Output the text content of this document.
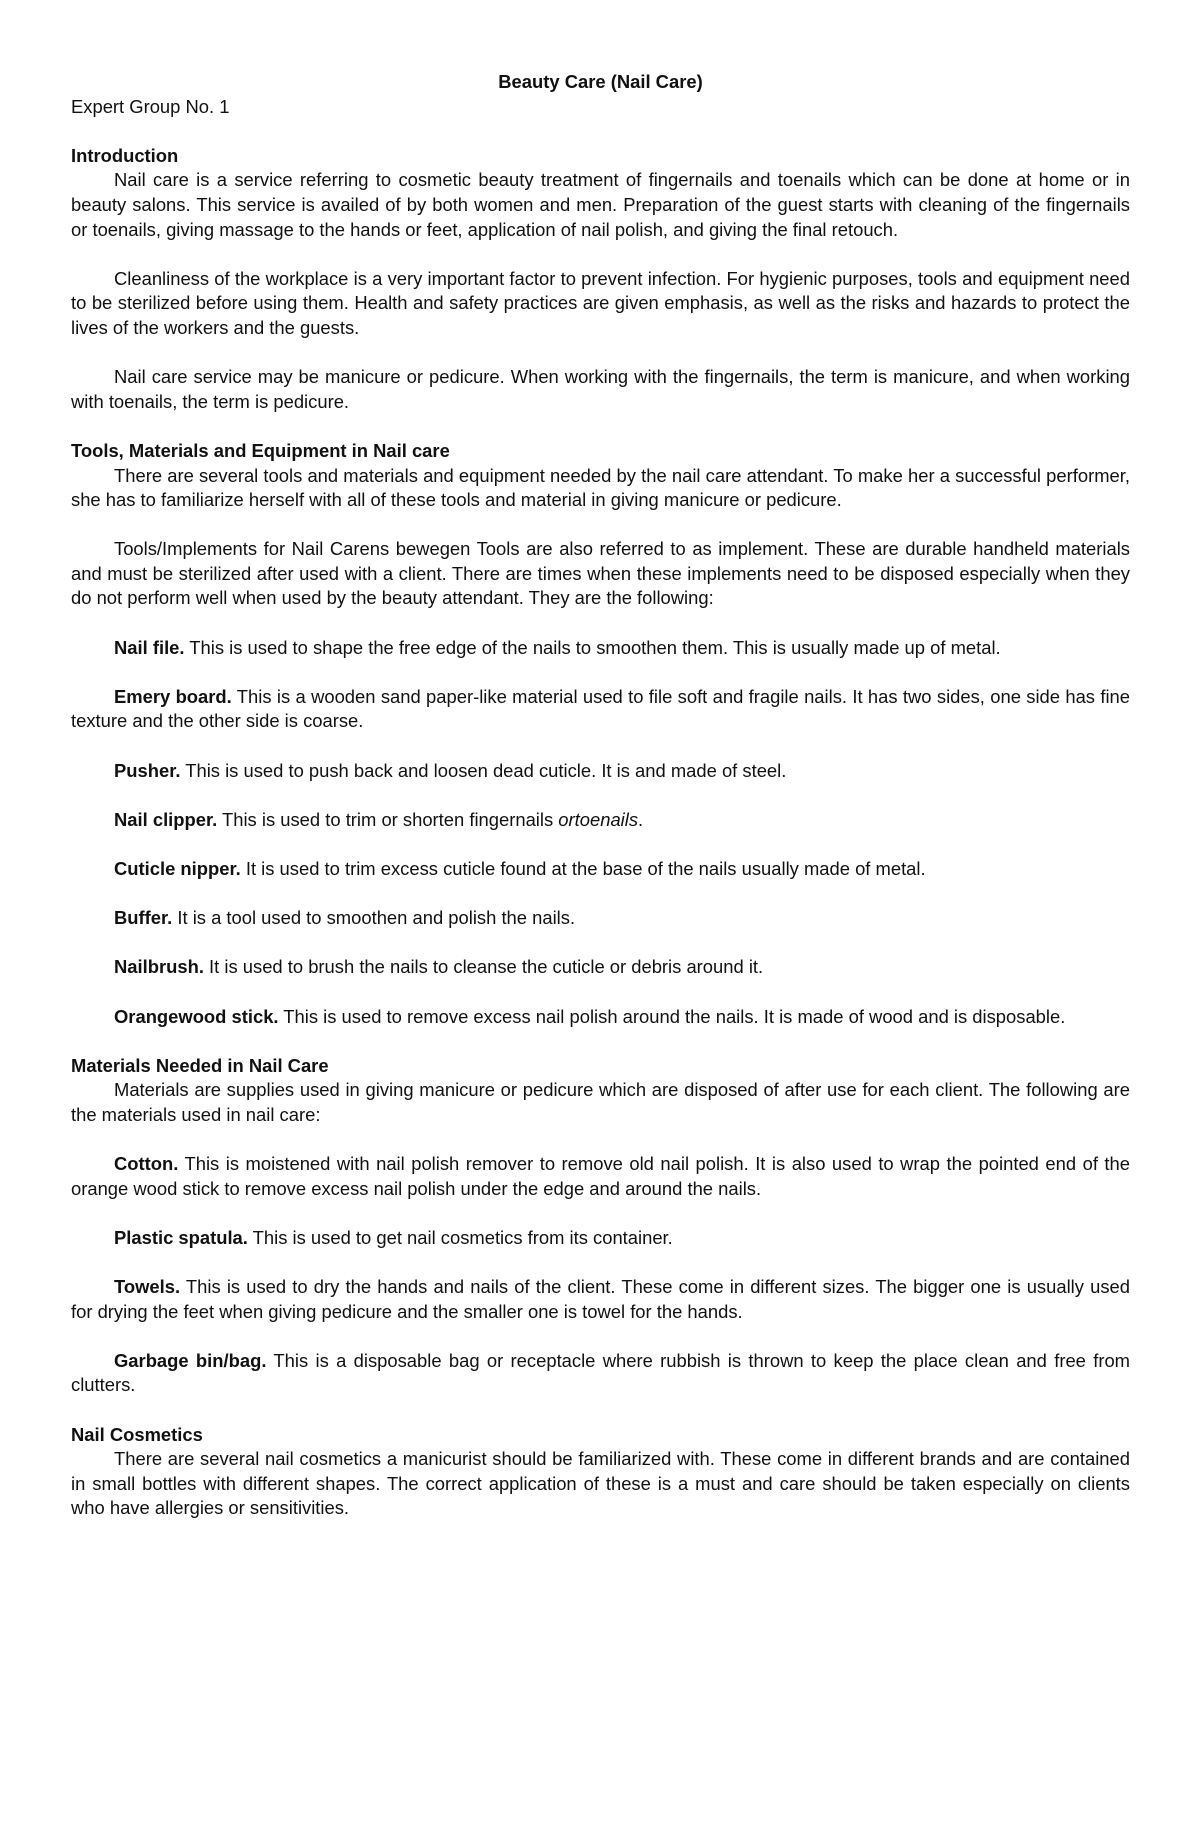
Beauty Care (Nail Care)

Expert Group No. 1

Introduction

Nail care is a service referring to cosmetic beauty treatment of fingernails and toenails which can be done at home or in beauty salons. This service is availed of by both women and men. Preparation of the guest starts with cleaning of the fingernails or toenails, giving massage to the hands or feet, application of nail polish, and giving the final retouch.

Cleanliness of the workplace is a very important factor to prevent infection. For hygienic purposes, tools and equipment need to be sterilized before using them. Health and safety practices are given emphasis, as well as the risks and hazards to protect the lives of the workers and the guests.

Nail care service may be manicure or pedicure. When working with the fingernails, the term is manicure, and when working with toenails, the term is pedicure.

Tools, Materials and Equipment in Nail care

There are several tools and materials and equipment needed by the nail care attendant. To make her a successful performer, she has to familiarize herself with all of these tools and material in giving manicure or pedicure.

Tools/Implements for Nail Carens bewegen Tools are also referred to as implement. These are durable handheld materials and must be sterilized after used with a client. There are times when these implements need to be disposed especially when they do not perform well when used by the beauty attendant. They are the following:

Nail file. This is used to shape the free edge of the nails to smoothen them. This is usually made up of metal.

Emery board. This is a wooden sand paper-like material used to file soft and fragile nails. It has two sides, one side has fine texture and the other side is coarse.

Pusher. This is used to push back and loosen dead cuticle. It is and made of steel.

Nail clipper. This is used to trim or shorten fingernails ortoenails.

Cuticle nipper. It is used to trim excess cuticle found at the base of the nails usually made of metal.

Buffer. It is a tool used to smoothen and polish the nails.

Nailbrush. It is used to brush the nails to cleanse the cuticle or debris around it.

Orangewood stick. This is used to remove excess nail polish around the nails. It is made of wood and is disposable.

Materials Needed in Nail Care

Materials are supplies used in giving manicure or pedicure which are disposed of after use for each client. The following are the materials used in nail care:

Cotton. This is moistened with nail polish remover to remove old nail polish. It is also used to wrap the pointed end of the orange wood stick to remove excess nail polish under the edge and around the nails.

Plastic spatula. This is used to get nail cosmetics from its container.

Towels. This is used to dry the hands and nails of the client. These come in different sizes. The bigger one is usually used for drying the feet when giving pedicure and the smaller one is towel for the hands.

Garbage bin/bag. This is a disposable bag or receptacle where rubbish is thrown to keep the place clean and free from clutters.

Nail Cosmetics

There are several nail cosmetics a manicurist should be familiarized with. These come in different brands and are contained in small bottles with different shapes. The correct application of these is a must and care should be taken especially on clients who have allergies or sensitivities.
